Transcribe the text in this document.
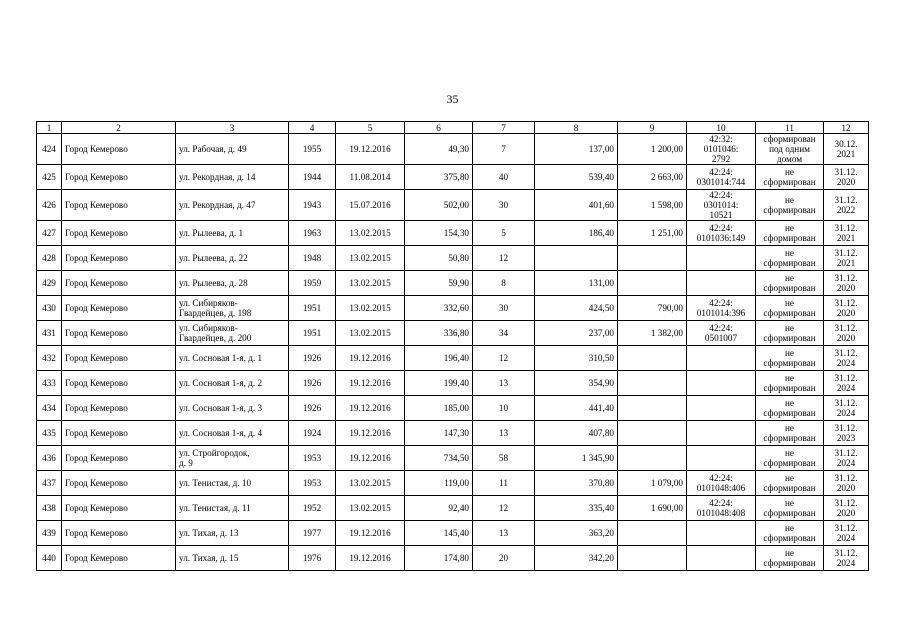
35
1	2	3	4	5	6	7	8	9	10	11	12
424	Город Кемерово	ул. Рабочая, д. 49	1955	19.12.2016	49,30	7	137,00	1 200,00	42:32:
0101046:
2792	сформирован
под одним
домом	30.12.
2021
425	Город Кемерово	ул. Рекордная, д. 14	1944	11.08.2014	375,80	40	539,40	2 663,00	42:24:
0301014:744	не
сформирован	31.12.
2020
426	Город Кемерово	ул. Рекордная, д. 47	1943	15.07.2016	502,00	30	401,60	1 598,00	42:24:
0301014:
10521	не
сформирован	31.12.
2022
427	Город Кемерово	ул. Рылеева, д. 1	1963	13.02.2015	154,30	5	186,40	1 251,00	42:24:
0101036:149	не
сформирован	31.12.
2021
428	Город Кемерово	ул. Рылеева, д. 22	1948	13.02.2015	50,80	12				не
сформирован	31.12.
2021
429	Город Кемерово	ул. Рылеева, д. 28	1959	13.02.2015	59,90	8	131,00			не
сформирован	31.12.
2020
430	Город Кемерово	ул. Сибиряков-
Гвардейцев, д. 198	1951	13.02.2015	332,60	30	424,50	790,00	42:24:
0101014:396	не
сформирован	31.12.
2020
431	Город Кемерово	ул. Сибиряков-
Гвардейцев, д. 200	1951	13.02.2015	336,80	34	237,00	1 382,00	42:24:
0501007	не
сформирован	31.12.
2020
432	Город Кемерово	ул. Сосновая 1-я, д. 1	1926	19.12.2016	196,40	12	310,50			не
сформирован	31.12.
2024
433	Город Кемерово	ул. Сосновая 1-я, д. 2	1926	19.12.2016	199,40	13	354,90			не
сформирован	31.12.
2024
434	Город Кемерово	ул. Сосновая 1-я, д. 3	1926	19.12.2016	185,00	10	441,40			не
сформирован	31.12.
2024
435	Город Кемерово	ул. Сосновая 1-я, д. 4	1924	19.12.2016	147,30	13	407,80			не
сформирован	31.12.
2023
436	Город Кемерово	ул. Стройгородок,
д. 9	1953	19.12.2016	734,50	58	1 345,90			не
сформирован	31.12.
2024
437	Город Кемерово	ул. Тенистая, д. 10	1953	13.02.2015	119,00	11	370,80	1 079,00	42:24:
0101048:406	не
сформирован	31.12.
2020
438	Город Кемерово	ул. Тенистая, д. 11	1952	13.02.2015	92,40	12	335,40	1 690,00	42:24:
0101048:408	не
сформирован	31.12.
2020
439	Город Кемерово	ул. Тихая, д. 13	1977	19.12.2016	145,40	13	363,20			не
сформирован	31.12.
2024
440	Город Кемерово	ул. Тихая, д. 15	1976	19.12.2016	174,80	20	342,20			не
сформирован	31.12.
2024
